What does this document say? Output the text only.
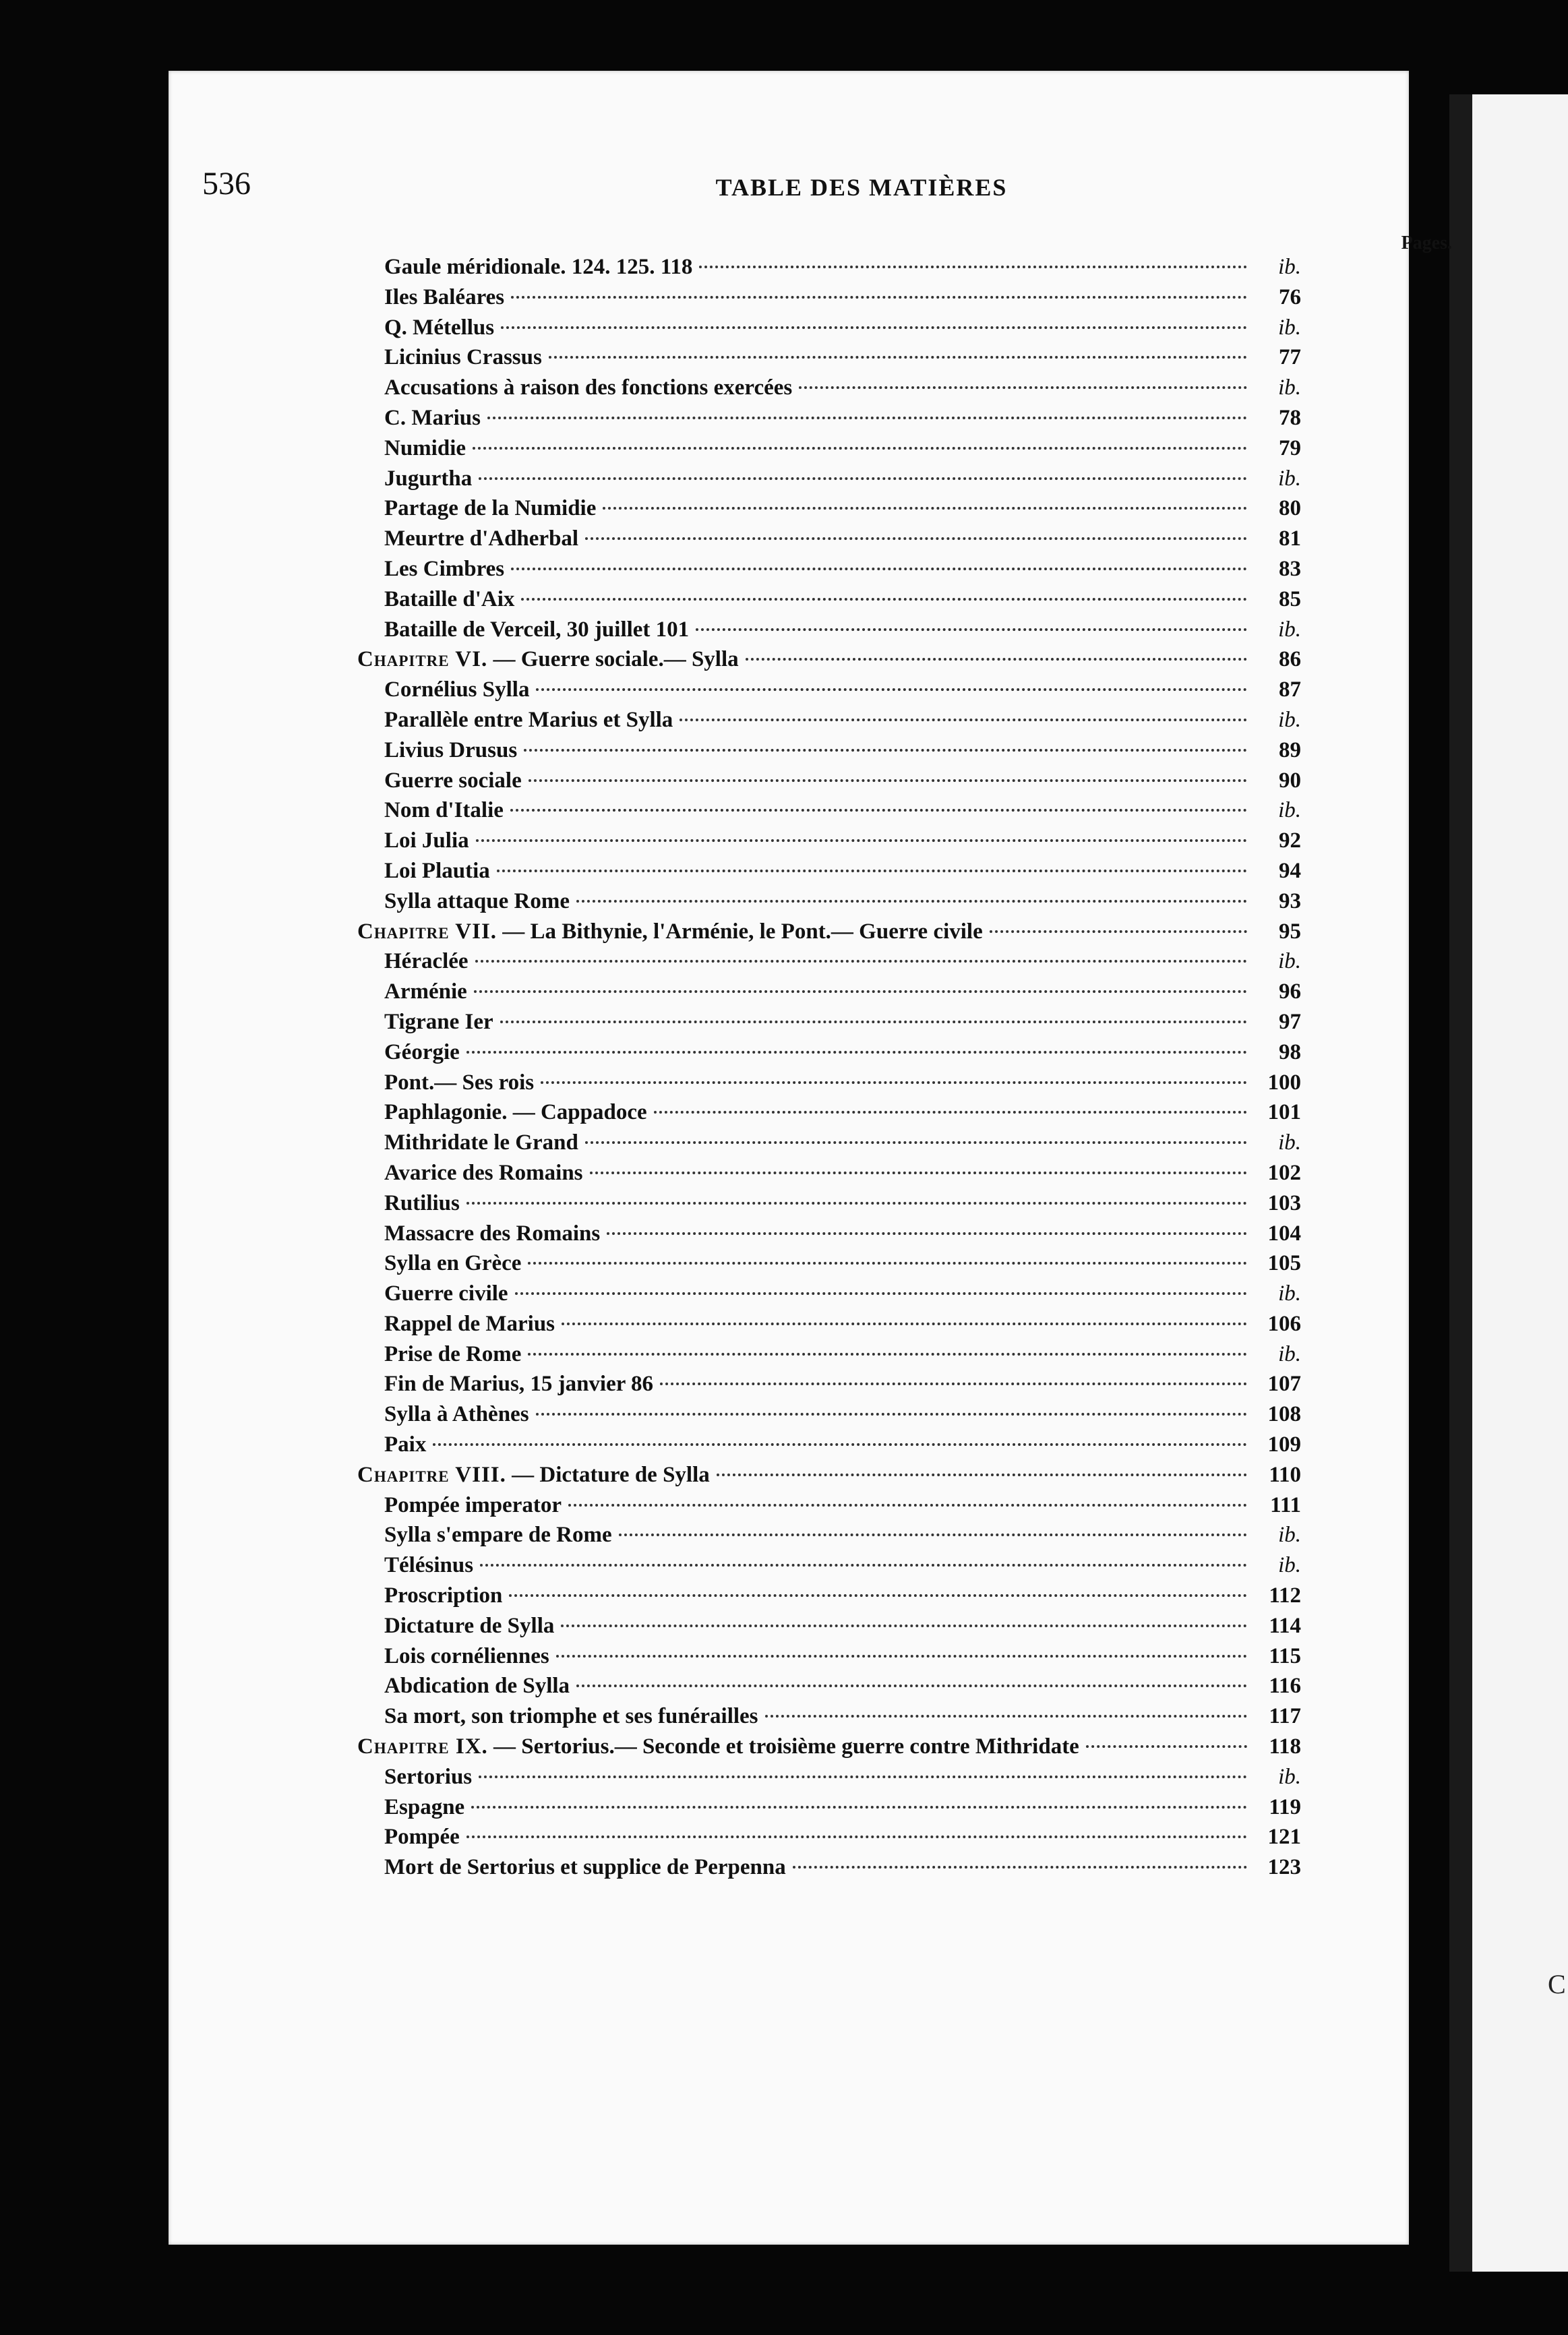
C
536	TABLE DES MATIÈRES
Pages.
Gaule méridionale. 124. 125. 118	ib.
Iles Baléares	76
Q. Métellus	ib.
Licinius Crassus	77
Accusations à raison des fonctions exercées	ib.
C. Marius	78
Numidie	79
Jugurtha	ib.
Partage de la Numidie	80
Meurtre d'Adherbal	81
Les Cimbres	83
Bataille d'Aix	85
Bataille de Verceil, 30 juillet 101	ib.
Chapitre VI. — Guerre sociale.— Sylla	86
Cornélius Sylla	87
Parallèle entre Marius et Sylla	ib.
Livius Drusus	89
Guerre sociale	90
Nom d'Italie	ib.
Loi Julia	92
Loi Plautia	94
Sylla attaque Rome	93
Chapitre VII. — La Bithynie, l'Arménie, le Pont.— Guerre civile	95
Héraclée	ib.
Arménie	96
Tigrane Ier	97
Géorgie	98
Pont.— Ses rois	100
Paphlagonie. — Cappadoce	101
Mithridate le Grand	ib.
Avarice des Romains	102
Rutilius	103
Massacre des Romains	104
Sylla en Grèce	105
Guerre civile	ib.
Rappel de Marius	106
Prise de Rome	ib.
Fin de Marius, 15 janvier 86	107
Sylla à Athènes	108
Paix	109
Chapitre VIII. — Dictature de Sylla	110
Pompée imperator	111
Sylla s'empare de Rome	ib.
Télésinus	ib.
Proscription	112
Dictature de Sylla	114
Lois cornéliennes	115
Abdication de Sylla	116
Sa mort, son triomphe et ses funérailles	117
Chapitre IX. — Sertorius.— Seconde et troisième guerre contre Mithridate	118
Sertorius	ib.
Espagne	119
Pompée	121
Mort de Sertorius et supplice de Perpenna	123
